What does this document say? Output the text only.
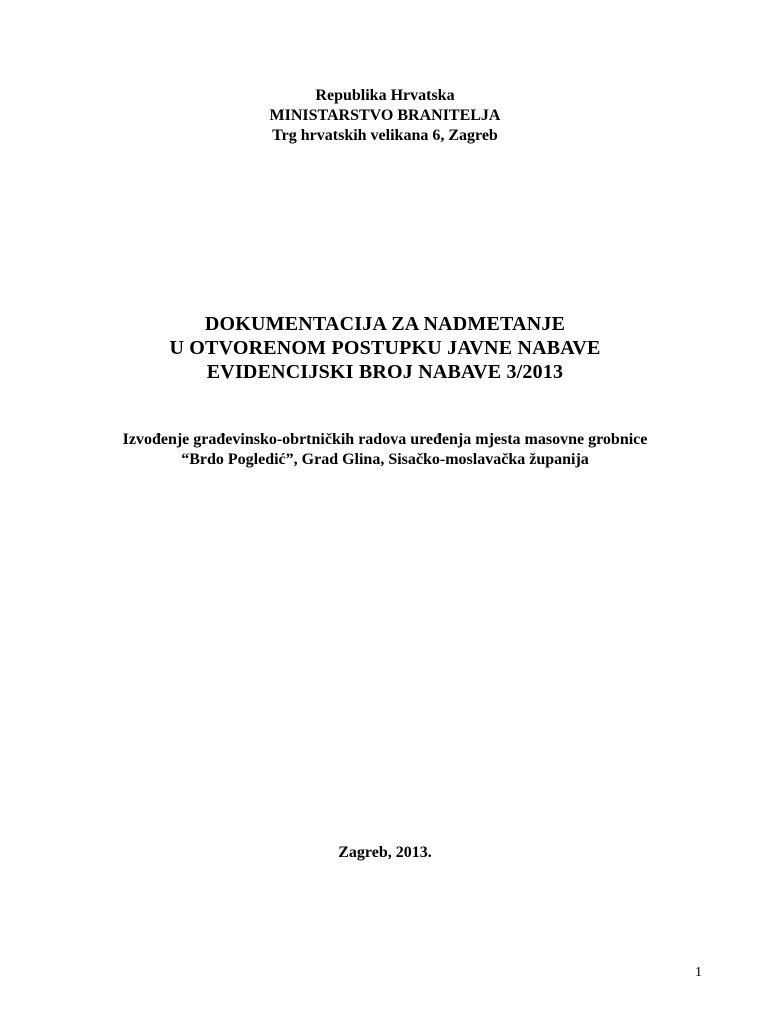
Republika Hrvatska
MINISTARSTVO BRANITELJA
Trg hrvatskih velikana 6, Zagreb
DOKUMENTACIJA ZA NADMETANJE
U OTVORENOM POSTUPKU JAVNE NABAVE
EVIDENCIJSKI BROJ NABAVE 3/2013
Izvođenje građevinsko-obrtničkih radova uređenja mjesta masovne grobnice
“Brdo Pogledić”, Grad Glina, Sisačko-moslavačka županija
Zagreb, 2013.
1
